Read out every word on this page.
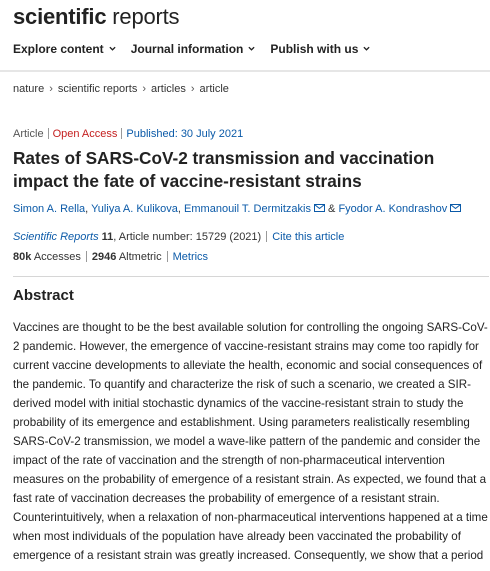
scientific reports
Explore content Journal information Publish with us
nature › scientific reports › articles › article
Article Open Access Published: 30 July 2021
Rates of SARS-CoV-2 transmission and vaccination
impact the fate of vaccine-resistant strains
Simon A. Rella, Yuliya A. Kulikova, Emmanouil T. Dermitzakis & Fyodor A. Kondrashov
Scientific Reports 11, Article number: 15729 (2021) Cite this article
80k Accesses 2946 Altmetric Metrics
Abstract
Vaccines are thought to be the best available solution for controlling the ongoing SARS-CoV-
2 pandemic. However, the emergence of vaccine-resistant strains may come too rapidly for
current vaccine developments to alleviate the health, economic and social consequences of
the pandemic. To quantify and characterize the risk of such a scenario, we created a SIR-
derived model with initial stochastic dynamics of the vaccine-resistant strain to study the
probability of its emergence and establishment. Using parameters realistically resembling
SARS-CoV-2 transmission, we model a wave-like pattern of the pandemic and consider the
impact of the rate of vaccination and the strength of non-pharmaceutical intervention
measures on the probability of emergence of a resistant strain. As expected, we found that a
fast rate of vaccination decreases the probability of emergence of a resistant strain.
Counterintuitively, when a relaxation of non-pharmaceutical interventions happened at a time
when most individuals of the population have already been vaccinated the probability of
emergence of a resistant strain was greatly increased. Consequently, we show that a period
